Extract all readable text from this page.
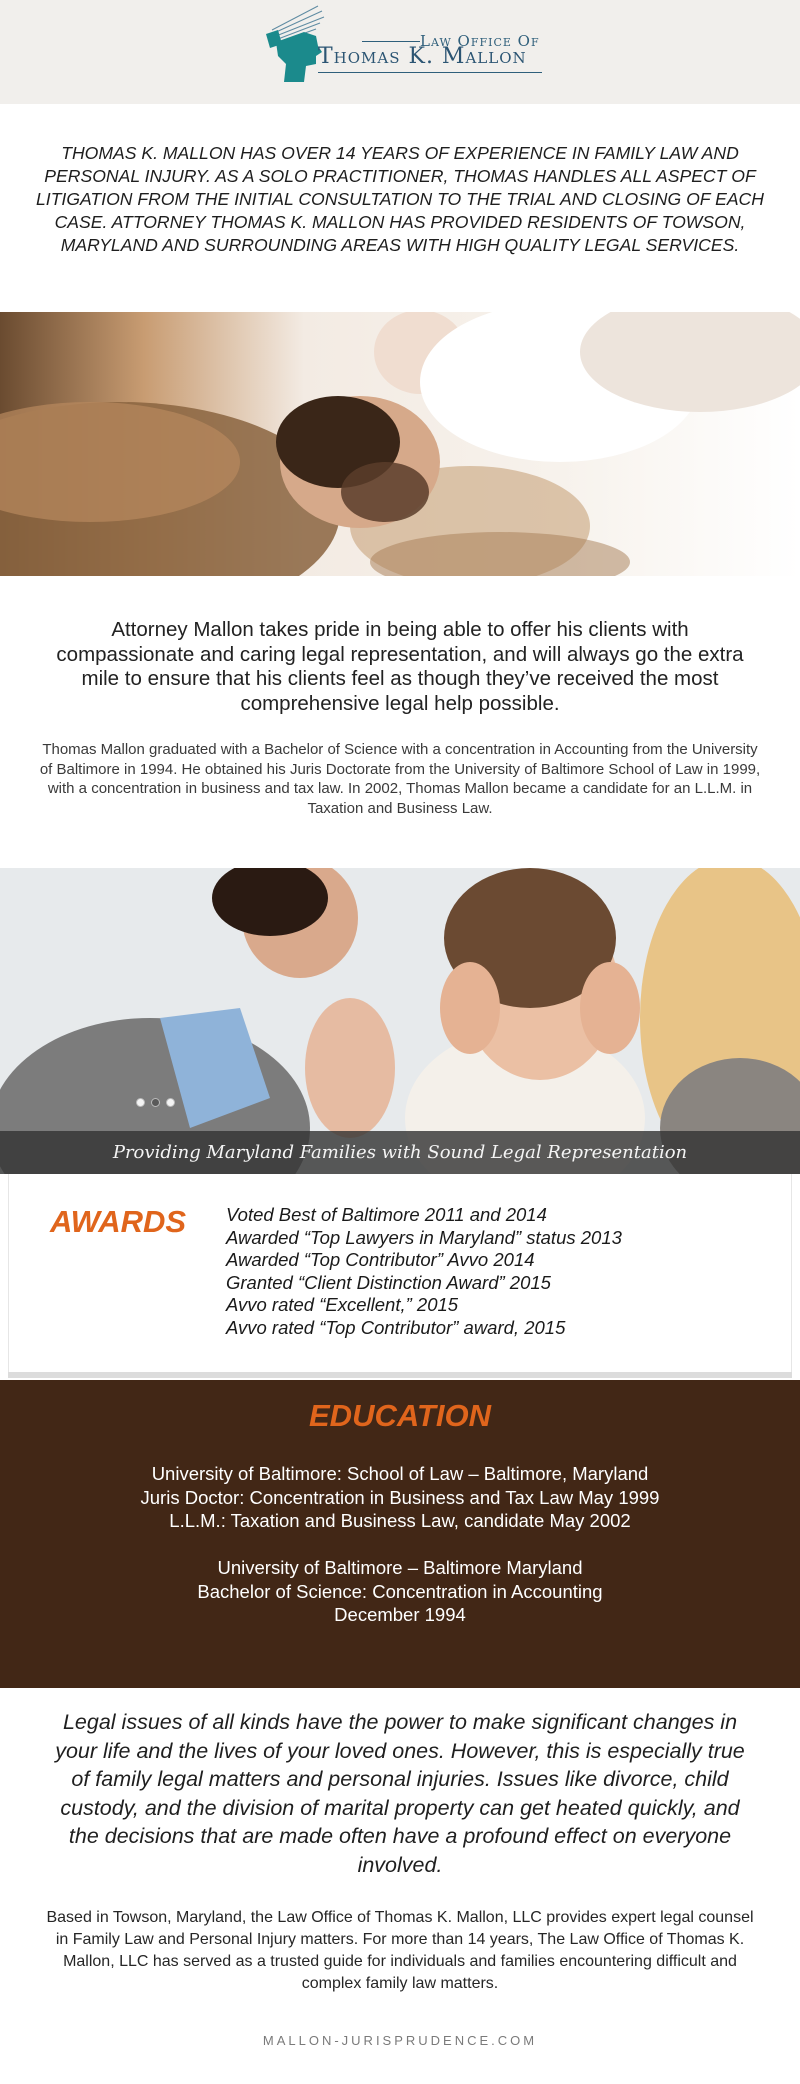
Law Office Of
Thomas K. Mallon

THOMAS K. MALLON HAS OVER 14 YEARS OF EXPERIENCE IN FAMILY LAW AND PERSONAL INJURY. AS A SOLO PRACTITIONER, THOMAS HANDLES ALL ASPECT OF LITIGATION FROM THE INITIAL CONSULTATION TO THE TRIAL AND CLOSING OF EACH CASE. ATTORNEY THOMAS K. MALLON HAS PROVIDED RESIDENTS OF TOWSON, MARYLAND AND SURROUNDING AREAS WITH HIGH QUALITY LEGAL SERVICES.

Attorney Mallon takes pride in being able to offer his clients with compassionate and caring legal representation, and will always go the extra mile to ensure that his clients feel as though they’ve received the most comprehensive legal help possible.

Thomas Mallon graduated with a Bachelor of Science with a concentration in Accounting from the University of Baltimore in 1994. He obtained his Juris Doctorate from the University of Baltimore School of Law in 1999, with a concentration in business and tax law. In 2002, Thomas Mallon became a candidate for an L.L.M. in Taxation and Business Law.

Providing Maryland Families with Sound Legal Representation
AWARDS Voted Best of Baltimore 2011 and 2014
Awarded “Top Lawyers in Maryland” status 2013
Awarded “Top Contributor” Avvo 2014
Granted “Client Distinction Award” 2015
Avvo rated “Excellent,” 2015
Avvo rated “Top Contributor” award, 2015
EDUCATION
University of Baltimore: School of Law – Baltimore, Maryland
Juris Doctor: Concentration in Business and Tax Law May 1999
L.L.M.: Taxation and Business Law, candidate May 2002
University of Baltimore – Baltimore Maryland
Bachelor of Science: Concentration in Accounting
December 1994

Legal issues of all kinds have the power to make significant changes in your life and the lives of your loved ones. However, this is especially true of family legal matters and personal injuries. Issues like divorce, child custody, and the division of marital property can get heated quickly, and the decisions that are made often have a profound effect on everyone involved.

Based in Towson, Maryland, the Law Office of Thomas K. Mallon, LLC provides expert legal counsel in Family Law and Personal Injury matters. For more than 14 years, The Law Office of Thomas K. Mallon, LLC has served as a trusted guide for individuals and families encountering difficult and complex family law matters.

MALLON-JURISPRUDENCE.COM
